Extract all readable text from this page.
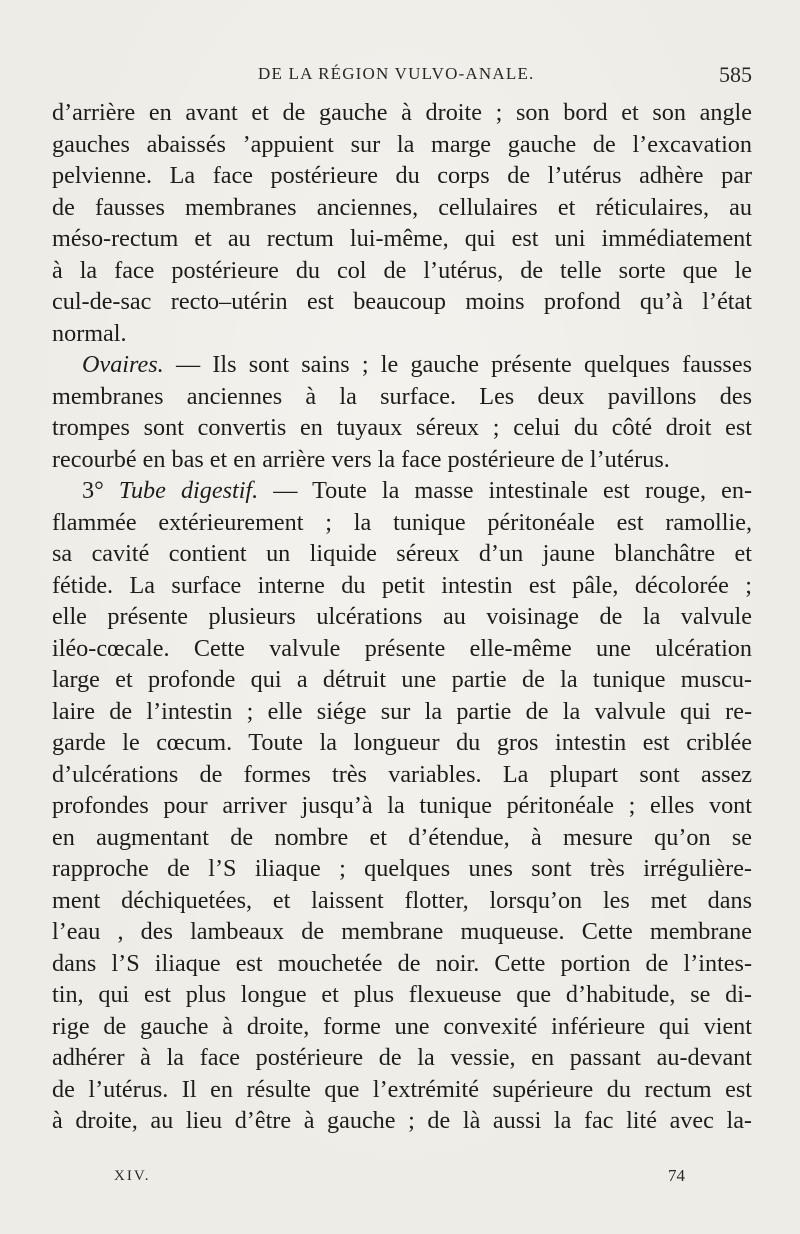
DE LA RÉGION VULVO-ANALE.	585
d’arrière en avant et de gauche à droite ; son bord et son angle
gauches abaissés ’appuient sur la marge gauche de l’excavation
pelvienne. La face postérieure du corps de l’utérus adhère par
de fausses membranes anciennes, cellulaires et réticulaires, au
méso-rectum et au rectum lui-même, qui est uni immédiatement
à la face postérieure du col de l’utérus, de telle sorte que le
cul-de-sac recto–utérin est beaucoup moins profond qu’à l’état
normal.
Ovaires. — Ils sont sains ; le gauche présente quelques fausses
membranes anciennes à la surface. Les deux pavillons des
trompes sont convertis en tuyaux séreux ; celui du côté droit est
recourbé en bas et en arrière vers la face postérieure de l’utérus.
3° Tube digestif. — Toute la masse intestinale est rouge, en-
flammée extérieurement ; la tunique péritonéale est ramollie,
sa cavité contient un liquide séreux d’un jaune blanchâtre et
fétide. La surface interne du petit intestin est pâle, décolorée ;
elle présente plusieurs ulcérations au voisinage de la valvule
iléo-cœcale. Cette valvule présente elle-même une ulcération
large et profonde qui a détruit une partie de la tunique muscu-
laire de l’intestin ; elle siége sur la partie de la valvule qui re-
garde le cœcum. Toute la longueur du gros intestin est criblée
d’ulcérations de formes très variables. La plupart sont assez
profondes pour arriver jusqu’à la tunique péritonéale ; elles vont
en augmentant de nombre et d’étendue, à mesure qu’on se
rapproche de l’S iliaque ; quelques unes sont très irrégulière-
ment déchiquetées, et laissent flotter, lorsqu’on les met dans
l’eau , des lambeaux de membrane muqueuse. Cette membrane
dans l’S iliaque est mouchetée de noir. Cette portion de l’intes-
tin, qui est plus longue et plus flexueuse que d’habitude, se di-
rige de gauche à droite, forme une convexité inférieure qui vient
adhérer à la face postérieure de la vessie, en passant au-devant
de l’utérus. Il en résulte que l’extrémité supérieure du rectum est
à droite, au lieu d’être à gauche ; de là aussi la fac lité avec la-
XIV.	74
